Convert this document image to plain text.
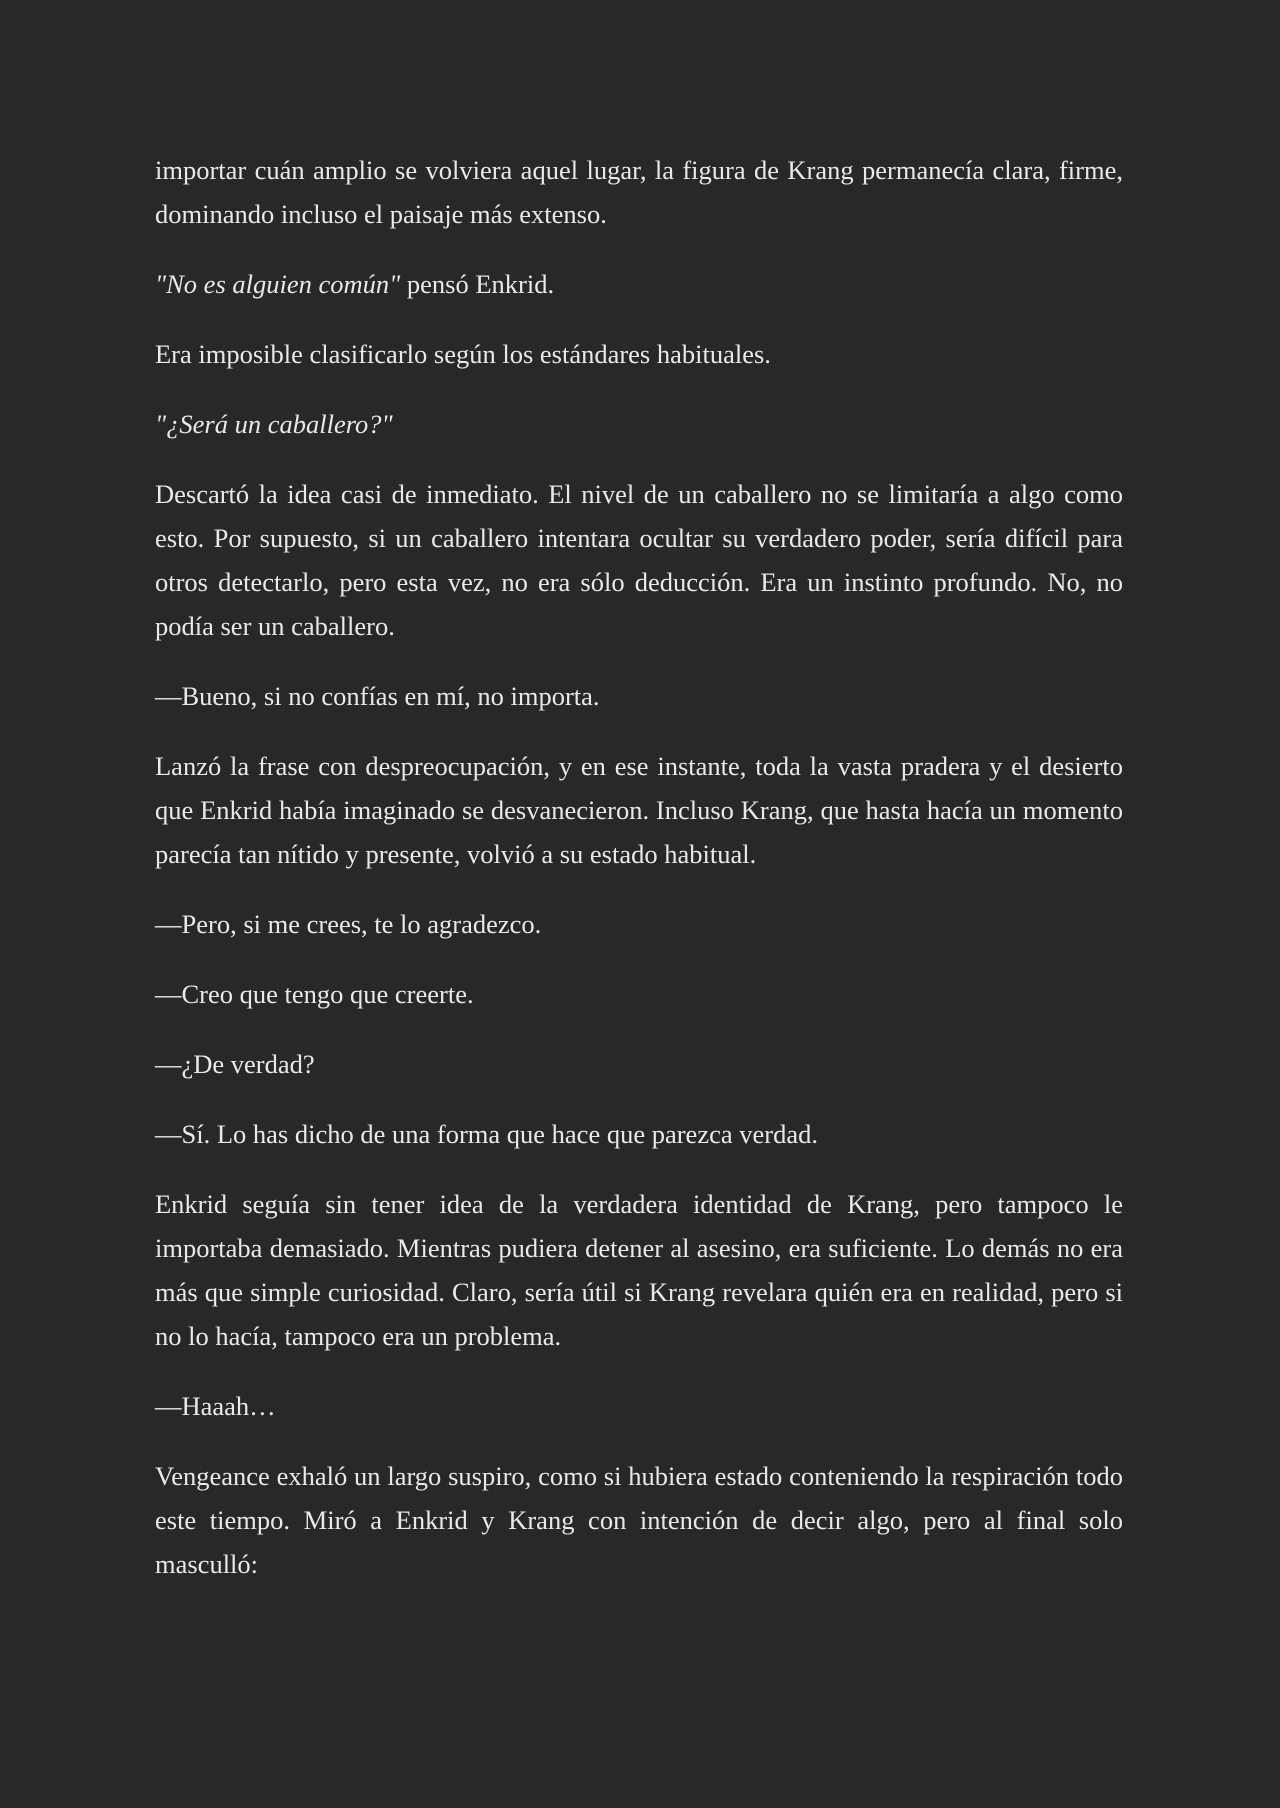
importar cuán amplio se volviera aquel lugar, la figura de Krang permanecía clara, firme, dominando incluso el paisaje más extenso.

"No es alguien común" pensó Enkrid.

Era imposible clasificarlo según los estándares habituales.

"¿Será un caballero?"

Descartó la idea casi de inmediato. El nivel de un caballero no se limitaría a algo como esto. Por supuesto, si un caballero intentara ocultar su verdadero poder, sería difícil para otros detectarlo, pero esta vez, no era sólo deducción. Era un instinto profundo. No, no podía ser un caballero.

—Bueno, si no confías en mí, no importa.

Lanzó la frase con despreocupación, y en ese instante, toda la vasta pradera y el desierto que Enkrid había imaginado se desvanecieron. Incluso Krang, que hasta hacía un momento parecía tan nítido y presente, volvió a su estado habitual.

—Pero, si me crees, te lo agradezco.

—Creo que tengo que creerte.

—¿De verdad?

—Sí. Lo has dicho de una forma que hace que parezca verdad.

Enkrid seguía sin tener idea de la verdadera identidad de Krang, pero tampoco le importaba demasiado. Mientras pudiera detener al asesino, era suficiente. Lo demás no era más que simple curiosidad. Claro, sería útil si Krang revelara quién era en realidad, pero si no lo hacía, tampoco era un problema.

—Haaah…

Vengeance exhaló un largo suspiro, como si hubiera estado conteniendo la respiración todo este tiempo. Miró a Enkrid y Krang con intención de decir algo, pero al final solo masculló:
